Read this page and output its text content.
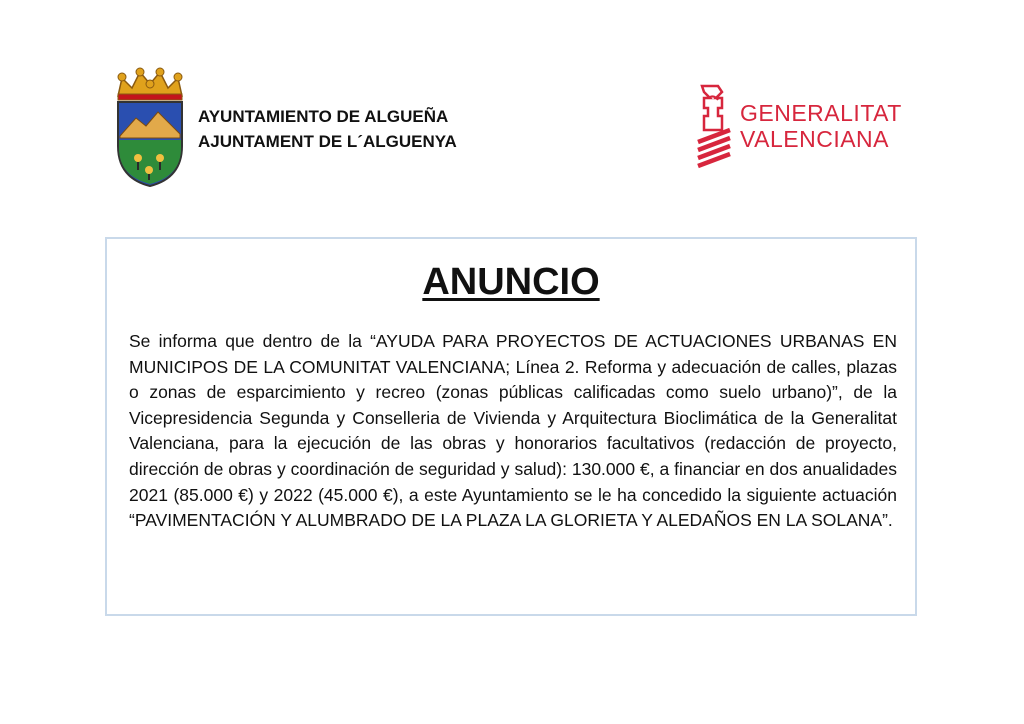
AYUNTAMIENTO DE ALGUEÑA
AJUNTAMENT DE L´ALGUENYA
GENERALITAT
VALENCIANA
ANUNCIO
Se informa que dentro de la “AYUDA PARA PROYECTOS DE ACTUACIONES URBANAS EN MUNICIPOS DE LA COMUNITAT VALENCIANA; Línea 2. Reforma y adecuación de calles, plazas o zonas de esparcimiento y recreo (zonas públicas calificadas como suelo urbano)”, de la Vicepresidencia Segunda y Conselleria de Vivienda y Arquitectura Bioclimática de la Generalitat Valenciana, para la ejecución de las obras y honorarios facultativos (redacción de proyecto, dirección de obras y coordinación de seguridad y salud): 130.000 €, a financiar en dos anualidades 2021 (85.000 €) y 2022 (45.000 €), a este Ayuntamiento se le ha concedido la siguiente actuación “PAVIMENTACIÓN Y ALUMBRADO DE LA PLAZA LA GLORIETA Y ALEDAÑOS EN LA SOLANA”.
